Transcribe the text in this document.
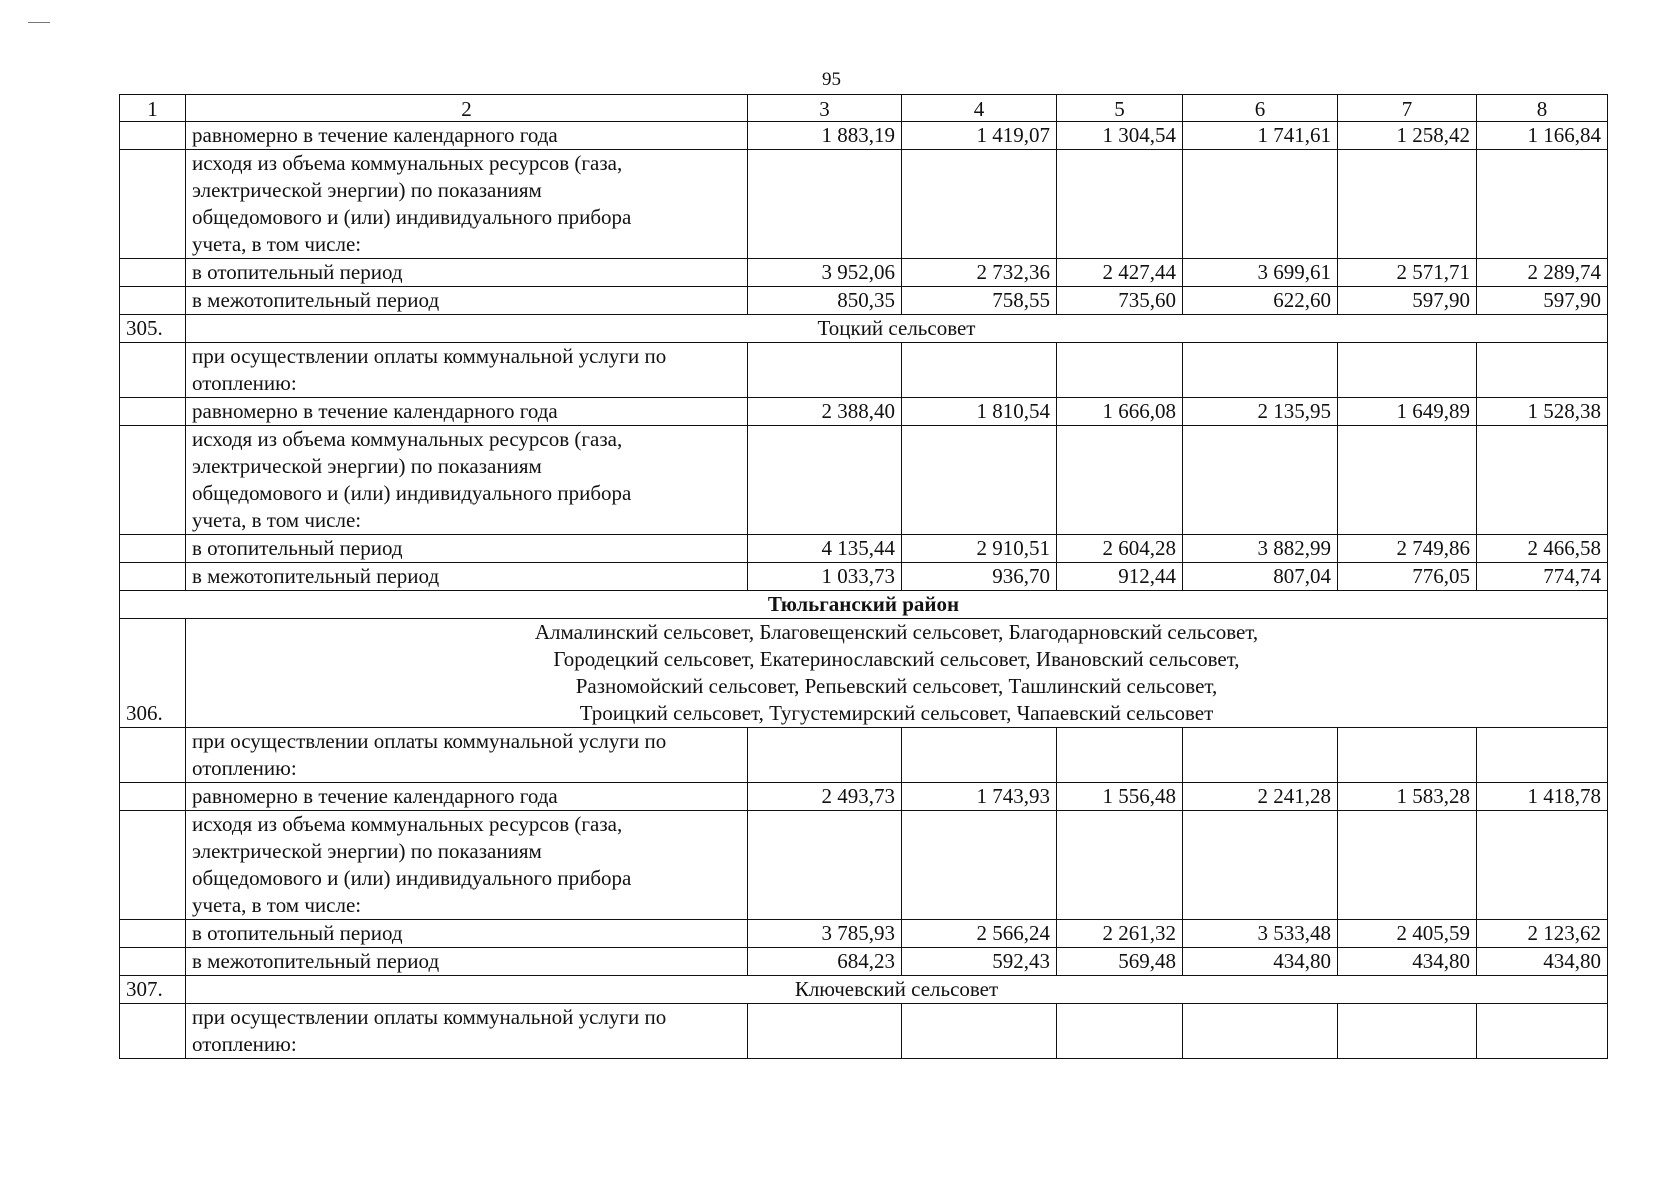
95
1	2	3	4	5	6	7	8
	равномерно в течение календарного года	1 883,19	1 419,07	1 304,54	1 741,61	1 258,42	1 166,84
	исходя из объема коммунальных ресурсов (газа,
электрической энергии) по показаниям
общедомового и (или) индивидуального прибора
учета, в том числе:						
	в отопительный период	3 952,06	2 732,36	2 427,44	3 699,61	2 571,71	2 289,74
	в межотопительный период	850,35	758,55	735,60	622,60	597,90	597,90
305.	Тоцкий сельсовет						
	при осуществлении оплаты коммунальной услуги по
отоплению:						
	равномерно в течение календарного года	2 388,40	1 810,54	1 666,08	2 135,95	1 649,89	1 528,38
	исходя из объема коммунальных ресурсов (газа,
электрической энергии) по показаниям
общедомового и (или) индивидуального прибора
учета, в том числе:						
	в отопительный период	4 135,44	2 910,51	2 604,28	3 882,99	2 749,86	2 466,58
	в межотопительный период	1 033,73	936,70	912,44	807,04	776,05	774,74
Тюльганский район							
306.	Алмалинский сельсовет, Благовещенский сельсовет, Благодарновский сельсовет,
Городецкий сельсовет, Екатеринославский сельсовет, Ивановский сельсовет,
Разномойский сельсовет, Репьевский сельсовет, Ташлинский сельсовет,
Троицкий сельсовет, Тугустемирский сельсовет, Чапаевский сельсовет						
	при осуществлении оплаты коммунальной услуги по
отоплению:						
	равномерно в течение календарного года	2 493,73	1 743,93	1 556,48	2 241,28	1 583,28	1 418,78
	исходя из объема коммунальных ресурсов (газа,
электрической энергии) по показаниям
общедомового и (или) индивидуального прибора
учета, в том числе:						
	в отопительный период	3 785,93	2 566,24	2 261,32	3 533,48	2 405,59	2 123,62
	в межотопительный период	684,23	592,43	569,48	434,80	434,80	434,80
307.	Ключевский сельсовет						
	при осуществлении оплаты коммунальной услуги по
отоплению:						
